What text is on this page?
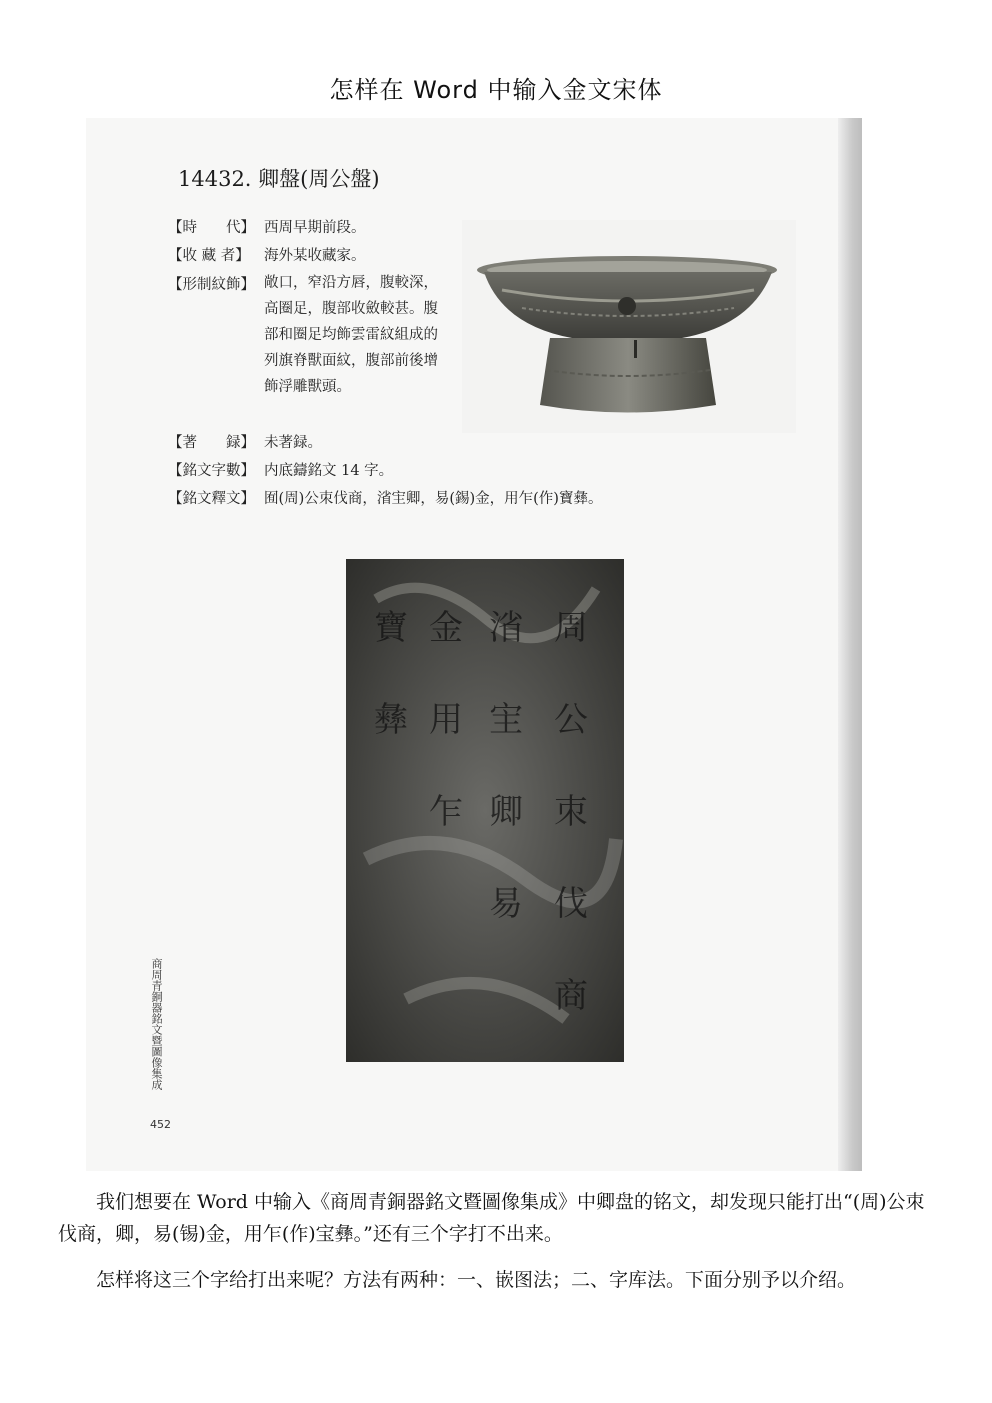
怎样在 Word 中输入金文宋体
14432. 卿盤(周公盤)
【時　　代】 西周早期前段。
【收 藏 者】 海外某收藏家。
【著　　録】 未著録。
【銘文字數】 内底鑄銘文 14 字。
【銘文釋文】 囿(周)公朿伐商，渻宔卿，易(錫)金，用乍(作)寶彝。
【形制紋飾】 敞口，窄沿方唇，腹較深，高圈足，腹部收斂較甚。腹部和圈足均飾雲雷紋組成的列旗脊獸面紋，腹部前後增飾浮雕獸頭。
周
公
朿
伐
商
渻
宔
卿
易
金
用
乍
寶
彝
商周青銅器銘文暨圖像集成
452
我们想要在 Word 中输入《商周青銅器銘文暨圖像集成》中卿盘的铭文，却发现只能打出“(周)公朿伐商，卿，易(锡)金，用乍(作)宝彝。”还有三个字打不出来。
怎样将这三个字给打出来呢？方法有两种：一、嵌图法；二、字库法。下面分别予以介绍。
